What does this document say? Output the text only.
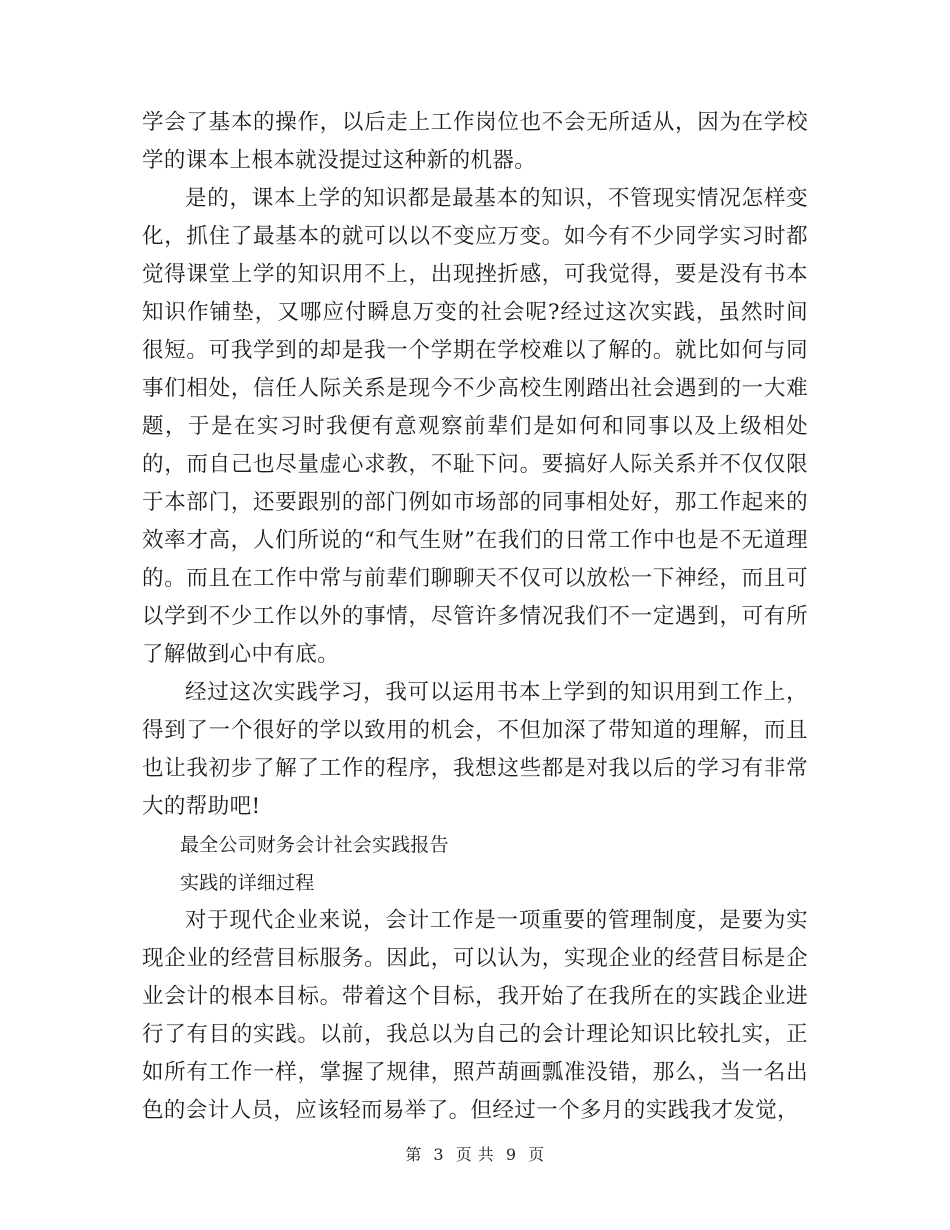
学会了基本的操作，以后走上工作岗位也不会无所适从，因为在学校学的课本上根本就没提过这种新的机器。

是的，课本上学的知识都是最基本的知识，不管现实情况怎样变化，抓住了最基本的就可以以不变应万变。如今有不少同学实习时都觉得课堂上学的知识用不上，出现挫折感，可我觉得，要是没有书本知识作铺垫，又哪应付瞬息万变的社会呢?经过这次实践，虽然时间很短。可我学到的却是我一个学期在学校难以了解的。就比如何与同事们相处，信任人际关系是现今不少高校生刚踏出社会遇到的一大难题，于是在实习时我便有意观察前辈们是如何和同事以及上级相处的，而自己也尽量虚心求教，不耻下问。要搞好人际关系并不仅仅限于本部门，还要跟别的部门例如市场部的同事相处好，那工作起来的效率才高，人们所说的“和气生财”在我们的日常工作中也是不无道理的。而且在工作中常与前辈们聊聊天不仅可以放松一下神经，而且可以学到不少工作以外的事情，尽管许多情况我们不一定遇到，可有所了解做到心中有底。

经过这次实践学习，我可以运用书本上学到的知识用到工作上，得到了一个很好的学以致用的机会，不但加深了带知道的理解，而且也让我初步了解了工作的程序，我想这些都是对我以后的学习有非常大的帮助吧!

最全公司财务会计社会实践报告

实践的详细过程

对于现代企业来说，会计工作是一项重要的管理制度，是要为实现企业的经营目标服务。因此，可以认为，实现企业的经营目标是企业会计的根本目标。带着这个目标，我开始了在我所在的实践企业进行了有目的实践。以前，我总以为自己的会计理论知识比较扎实，正如所有工作一样，掌握了规律，照芦葫画瓢准没错，那么，当一名出色的会计人员，应该轻而易举了。但经过一个多月的实践我才发觉，

第 3 页 共 9 页
